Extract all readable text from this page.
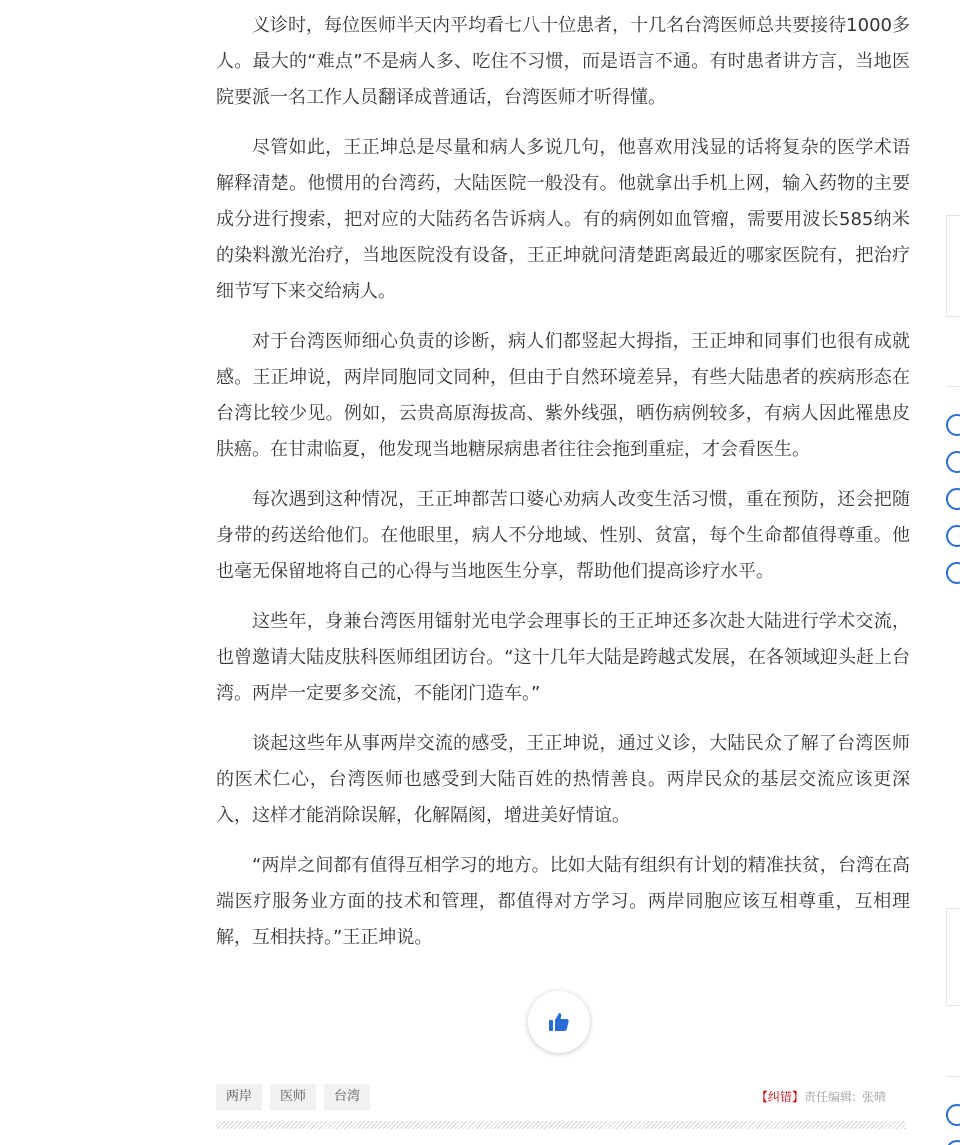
义诊时，每位医师半天内平均看七八十位患者，十几名台湾医师总共要接待1000多人。最大的“难点”不是病人多、吃住不习惯，而是语言不通。有时患者讲方言，当地医院要派一名工作人员翻译成普通话，台湾医师才听得懂。

尽管如此，王正坤总是尽量和病人多说几句，他喜欢用浅显的话将复杂的医学术语解释清楚。他惯用的台湾药，大陆医院一般没有。他就拿出手机上网，输入药物的主要成分进行搜索，把对应的大陆药名告诉病人。有的病例如血管瘤，需要用波长585纳米的染料激光治疗，当地医院没有设备，王正坤就问清楚距离最近的哪家医院有，把治疗细节写下来交给病人。

对于台湾医师细心负责的诊断，病人们都竖起大拇指，王正坤和同事们也很有成就感。王正坤说，两岸同胞同文同种，但由于自然环境差异，有些大陆患者的疾病形态在台湾比较少见。例如，云贵高原海拔高、紫外线强，晒伤病例较多，有病人因此罹患皮肤癌。在甘肃临夏，他发现当地糖尿病患者往往会拖到重症，才会看医生。

每次遇到这种情况，王正坤都苦口婆心劝病人改变生活习惯，重在预防，还会把随身带的药送给他们。在他眼里，病人不分地域、性别、贫富，每个生命都值得尊重。他也毫无保留地将自己的心得与当地医生分享，帮助他们提高诊疗水平。

这些年，身兼台湾医用镭射光电学会理事长的王正坤还多次赴大陆进行学术交流，也曾邀请大陆皮肤科医师组团访台。“这十几年大陆是跨越式发展，在各领域迎头赶上台湾。两岸一定要多交流，不能闭门造车。”

谈起这些年从事两岸交流的感受，王正坤说，通过义诊，大陆民众了解了台湾医师的医术仁心，台湾医师也感受到大陆百姓的热情善良。两岸民众的基层交流应该更深入，这样才能消除误解，化解隔阂，增进美好情谊。

“两岸之间都有值得互相学习的地方。比如大陆有组织有计划的精准扶贫，台湾在高端医疗服务业方面的技术和管理，都值得对方学习。两岸同胞应该互相尊重，互相理解，互相扶持。”王正坤说。

两岸	医师	台湾	【纠错】 责任编辑: 张晴
